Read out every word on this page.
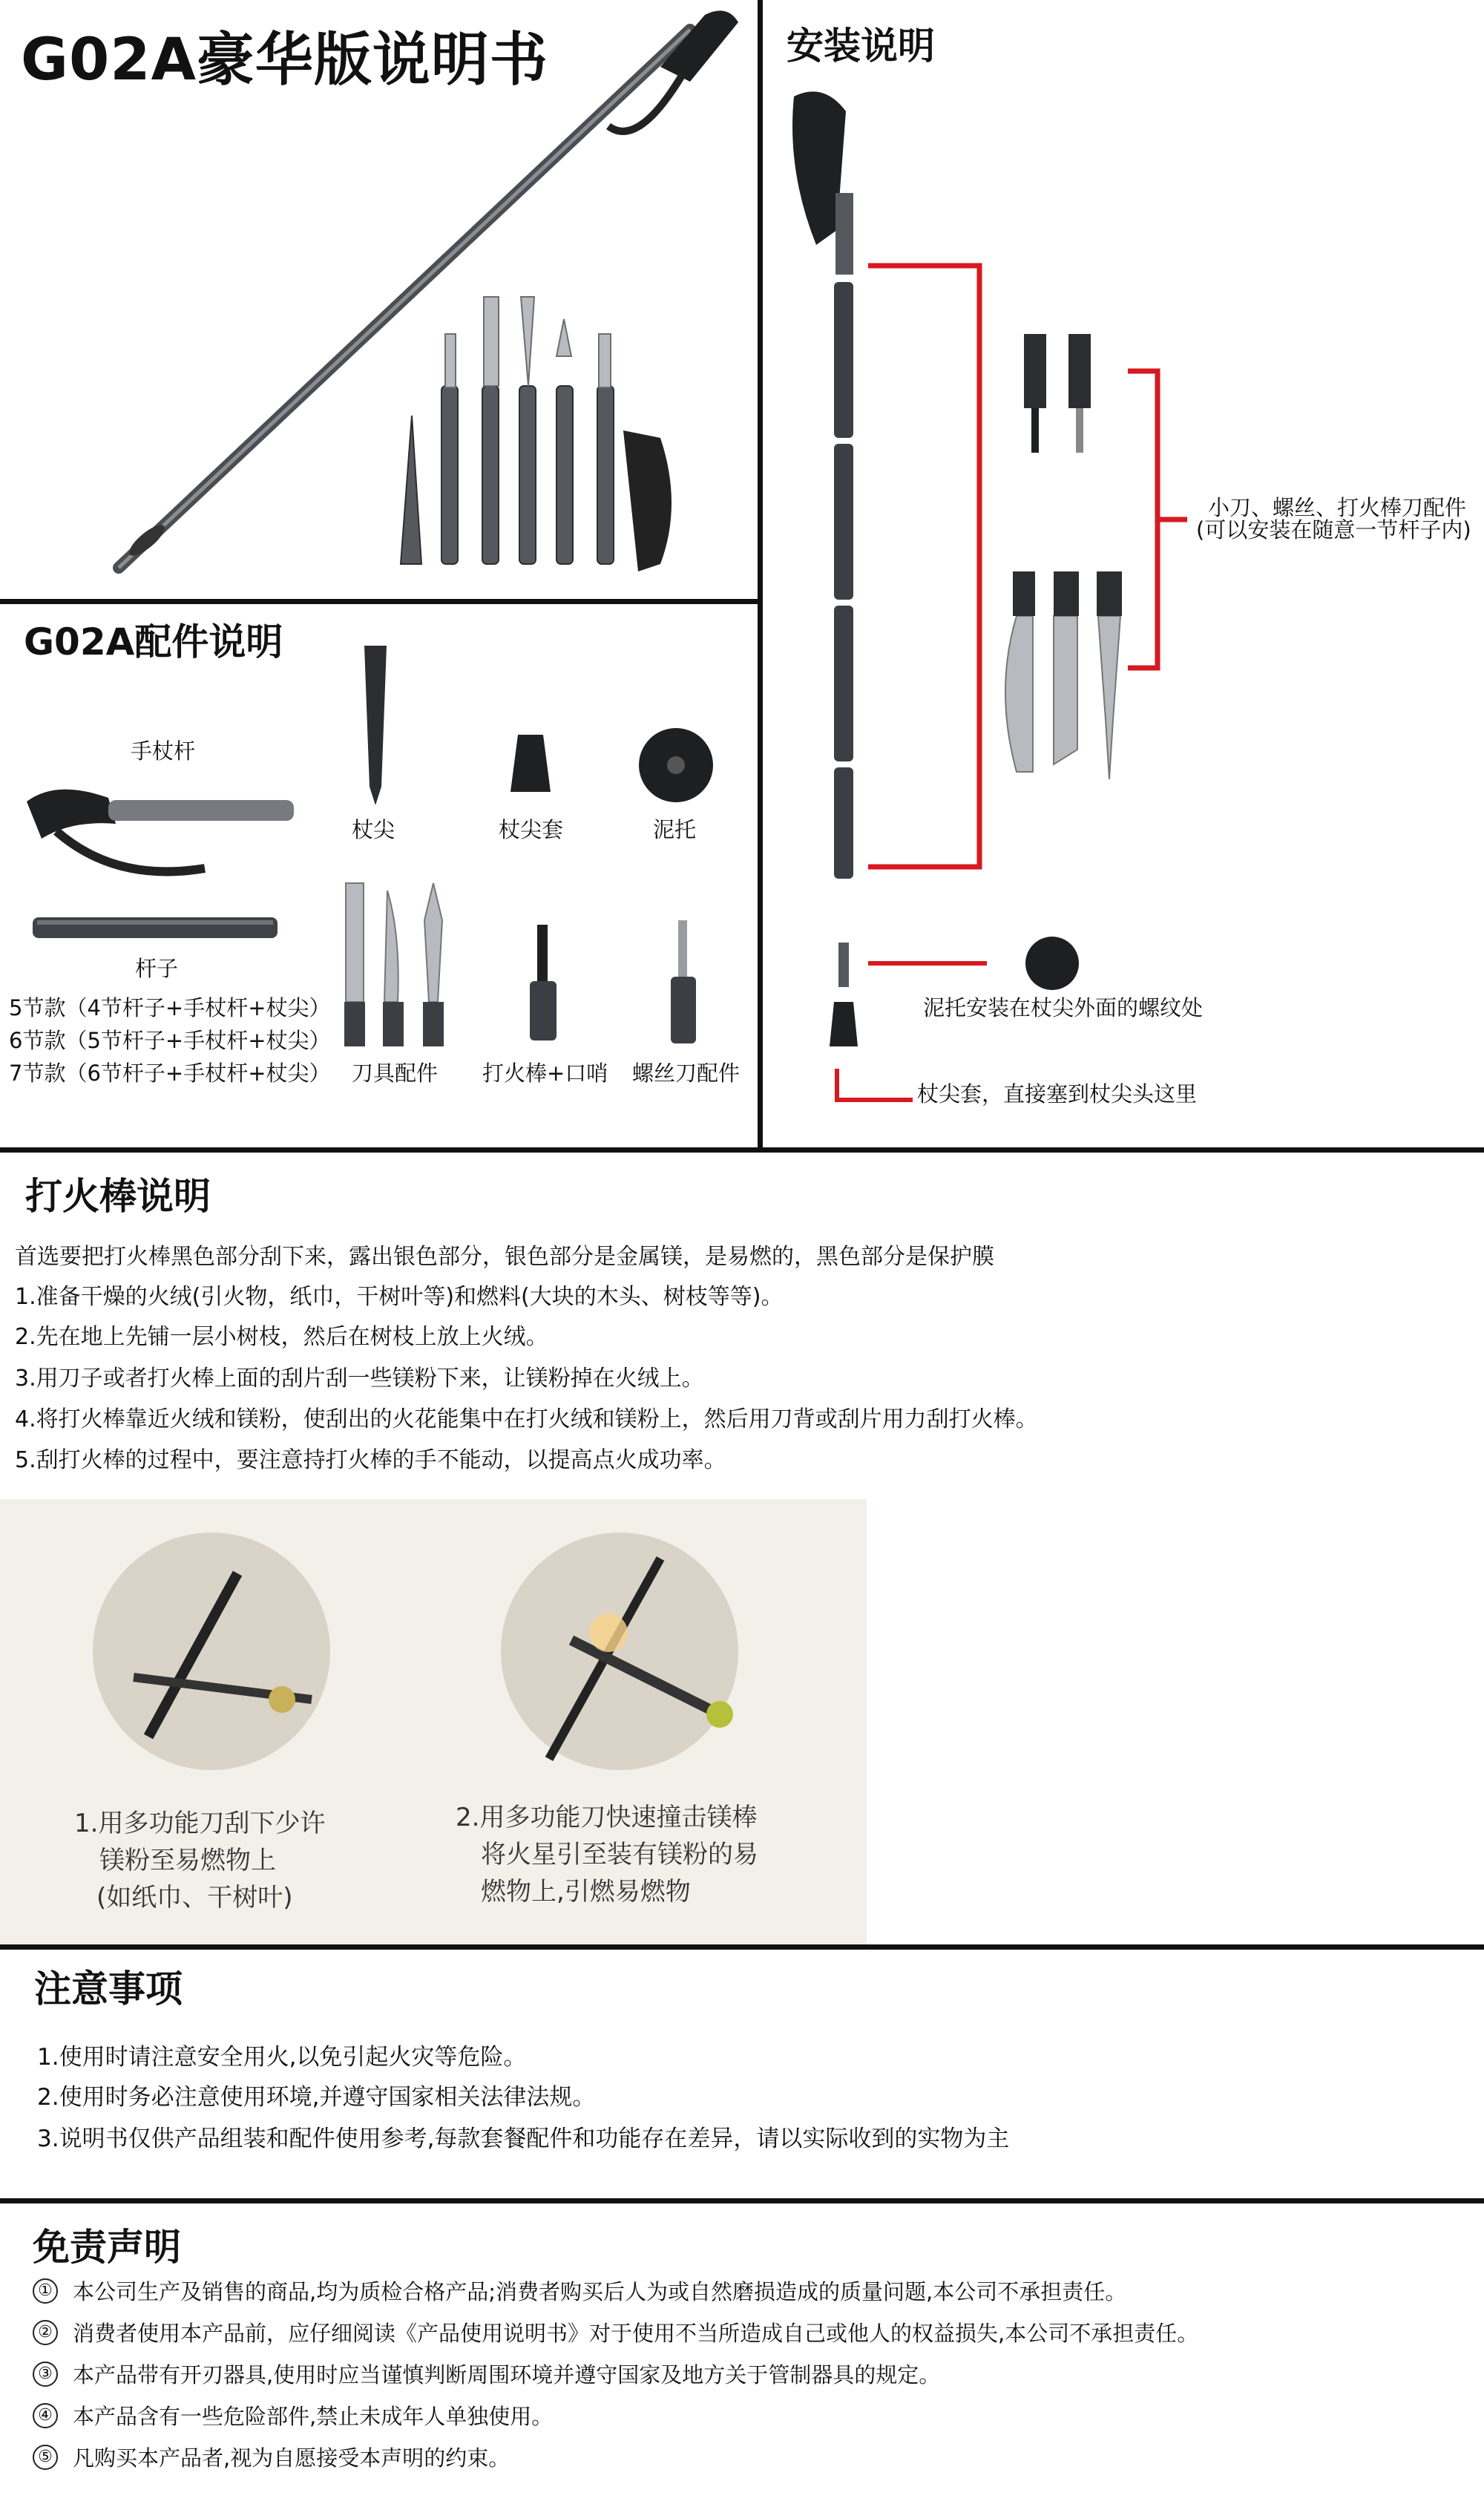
G02A豪华版说明书
G02A配件说明
手杖杆
杆子
5节款（4节杆子+手杖杆+杖尖）
6节款（5节杆子+手杖杆+杖尖）
7节款（6节杆子+手杖杆+杖尖）
杖尖	杖尖套	泥托
刀具配件 打火棒+口哨 螺丝刀配件
安装说明
小刀、螺丝、打火棒刀配件
(可以安装在随意一节杆子内)
泥托安装在杖尖外面的螺纹处
杖尖套，直接塞到杖尖头这里
打火棒说明
首选要把打火棒黑色部分刮下来，露出银色部分，银色部分是金属镁，是易燃的，黑色部分是保护膜
1.准备干燥的火绒(引火物，纸巾，干树叶等)和燃料(大块的木头、树枝等等)。
2.先在地上先铺一层小树枝，然后在树枝上放上火绒。
3.用刀子或者打火棒上面的刮片刮一些镁粉下来，让镁粉掉在火绒上。
4.将打火棒靠近火绒和镁粉，使刮出的火花能集中在打火绒和镁粉上，然后用刀背或刮片用力刮打火棒。
5.刮打火棒的过程中，要注意持打火棒的手不能动，以提高点火成功率。
1.用多功能刀刮下少许
镁粉至易燃物上
(如纸巾、干树叶)
2.用多功能刀快速撞击镁棒
将火星引至装有镁粉的易
燃物上,引燃易燃物
注意事项
1.使用时请注意安全用火,以免引起火灾等危险。
2.使用时务必注意使用环境,并遵守国家相关法律法规。
3.说明书仅供产品组装和配件使用参考,每款套餐配件和功能存在差异，请以实际收到的实物为主
免责声明
① 本公司生产及销售的商品,均为质检合格产品;消费者购买后人为或自然磨损造成的质量问题,本公司不承担责任。
② 消费者使用本产品前，应仔细阅读《产品使用说明书》对于使用不当所造成自己或他人的权益损失,本公司不承担责任。
③ 本产品带有开刃器具,使用时应当谨慎判断周围环境并遵守国家及地方关于管制器具的规定。
④ 本产品含有一些危险部件,禁止未成年人单独使用。
⑤ 凡购买本产品者,视为自愿接受本声明的约束。
